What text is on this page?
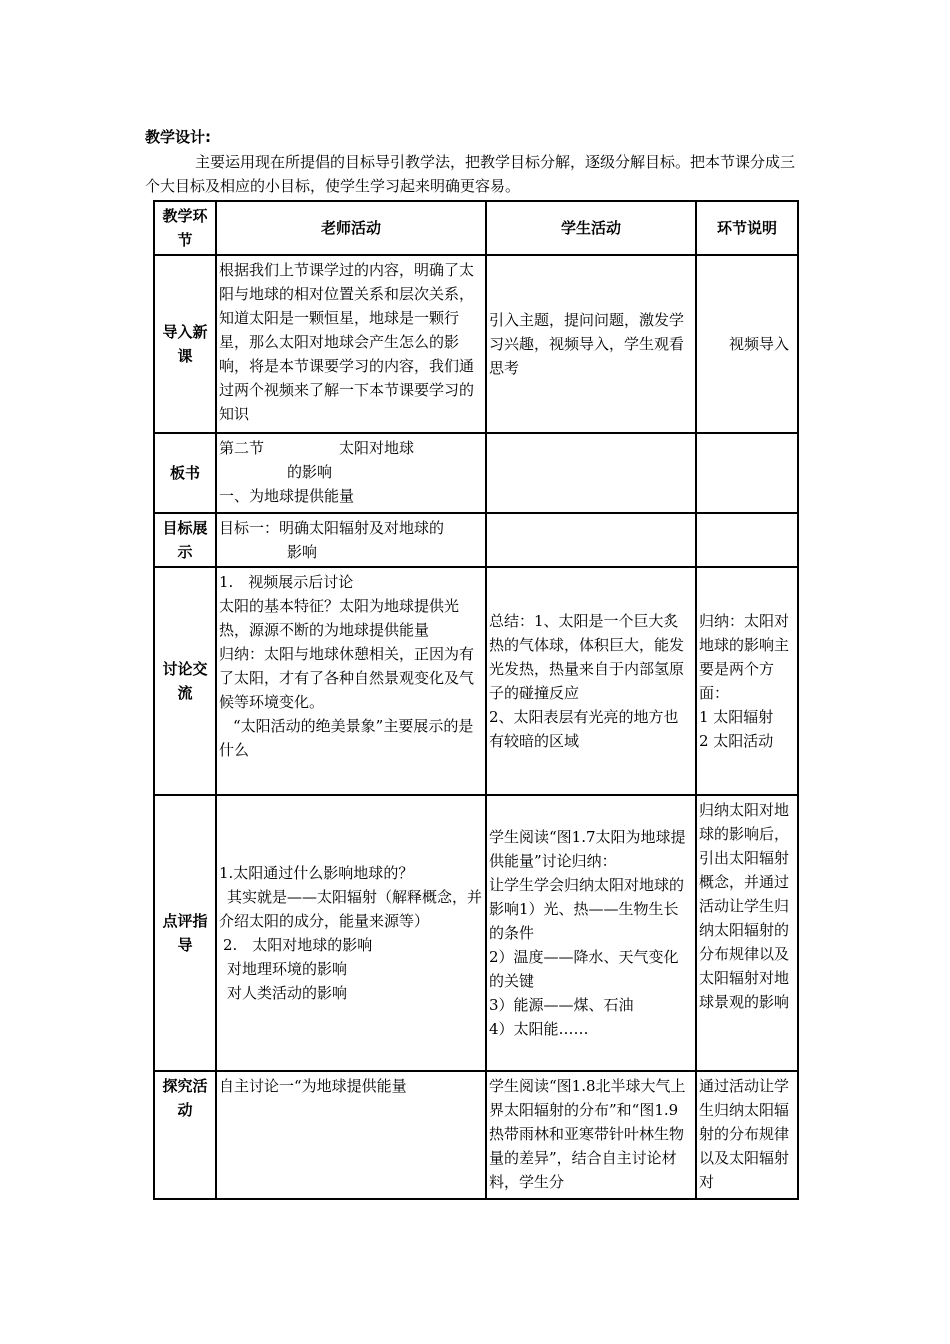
教学设计:

主要运用现在所提倡的目标导引教学法，把教学目标分解，逐级分解目标。把本节课分成三个大目标及相应的小目标，使学生学习起来明确更容易。

教学环节	老师活动	学生活动	环节说明
导入新课	根据我们上节课学过的内容，明确了太阳与地球的相对位置关系和层次关系，知道太阳是一颗恒星，地球是一颗行星，那么太阳对地球会产生怎么的影响，将是本节课要学习的内容，我们通过两个视频来了解一下本节课要学习的知识	引入主题，提问问题，激发学习兴趣，视频导入，学生观看思考	视频导入

板书	第二节　　　　　太阳对地球
的影响
一、为地球提供能量		

目标展示	目标一：明确太阳辐射及对地球的
影响		

讨论交流	1.　视频展示后讨论
太阳的基本特征？太阳为地球提供光热，源源不断的为地球提供能量
归纳：太阳与地球休憩相关，正因为有了太阳，才有了各种自然景观变化及气候等环境变化。
“太阳活动的绝美景象”主要展示的是什么	总结：1、太阳是一个巨大炙热的气体球，体积巨大，能发光发热，热量来自于内部氢原子的碰撞反应
2、太阳表层有光亮的地方也有较暗的区域	归纳：太阳对地球的影响主要是两个方面：
1 太阳辐射
2 太阳活动

点评指导	1.太阳通过什么影响地球的？
其实就是——太阳辐射（解释概念，并介绍太阳的成分，能量来源等）
2.　太阳对地球的影响
对地理环境的影响
对人类活动的影响	学生阅读“图1.7太阳为地球提供能量”讨论归纳：
让学生学会归纳太阳对地球的影响1）光、热——生物生长的条件
2）温度——降水、天气变化的关键
3）能源——煤、石油
4）太阳能……	归纳太阳对地球的影响后，引出太阳辐射概念，并通过活动让学生归纳太阳辐射的分布规律以及太阳辐射对地球景观的影响

探究活动	自主讨论一“为地球提供能量	学生阅读“图1.8北半球大气上界太阳辐射的分布”和“图1.9　热带雨林和亚寒带针叶林生物量的差异”，结合自主讨论材料，学生分	通过活动让学生归纳太阳辐射的分布规律以及太阳辐射对
